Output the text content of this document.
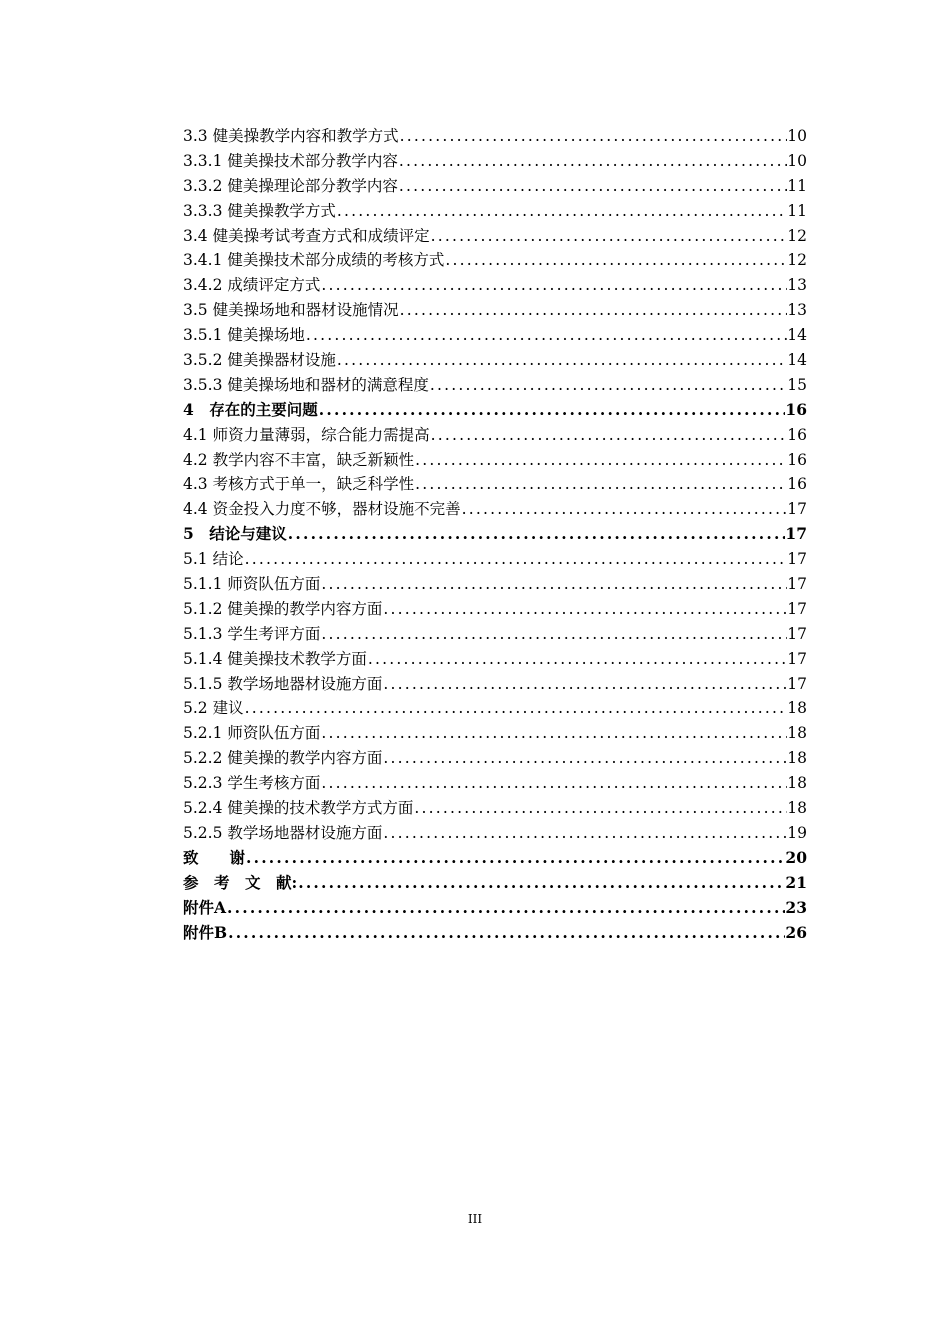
3.3 健美操教学内容和教学方式 .....	10
3.3.1 健美操技术部分教学内容 .....	10
3.3.2 健美操理论部分教学内容 .....	11
3.3.3 健美操教学方式 .....	11
3.4 健美操考试考查方式和成绩评定 .....	12
3.4.1 健美操技术部分成绩的考核方式 .....	12
3.4.2 成绩评定方式 .....	13
3.5 健美操场地和器材设施情况 .....	13
3.5.1 健美操场地 .....	14
3.5.2 健美操器材设施 .....	14
3.5.3 健美操场地和器材的满意程度 .....	15
4　存在的主要问题 .....	16
4.1 师资力量薄弱，综合能力需提高 .....	16
4.2 教学内容不丰富，缺乏新颖性 .....	16
4.3 考核方式于单一，缺乏科学性 .....	16
4.4 资金投入力度不够，器材设施不完善 .....	17
5　结论与建议 .....	17
5.1 结论 .....	17
5.1.1 师资队伍方面 .....	17
5.1.2 健美操的教学内容方面 .....	17
5.1.3 学生考评方面 .....	17
5.1.4 健美操技术教学方面 .....	17
5.1.5 教学场地器材设施方面 .....	17
5.2 建议 .....	18
5.2.1 师资队伍方面 .....	18
5.2.2 健美操的教学内容方面 .....	18
5.2.3 学生考核方面 .....	18
5.2.4 健美操的技术教学方式方面 .....	18
5.2.5 教学场地器材设施方面 .....	19
致　　谢 .....	20
参　考　文　献: .....	21
附件A .....	23
附件B .....	26
III
